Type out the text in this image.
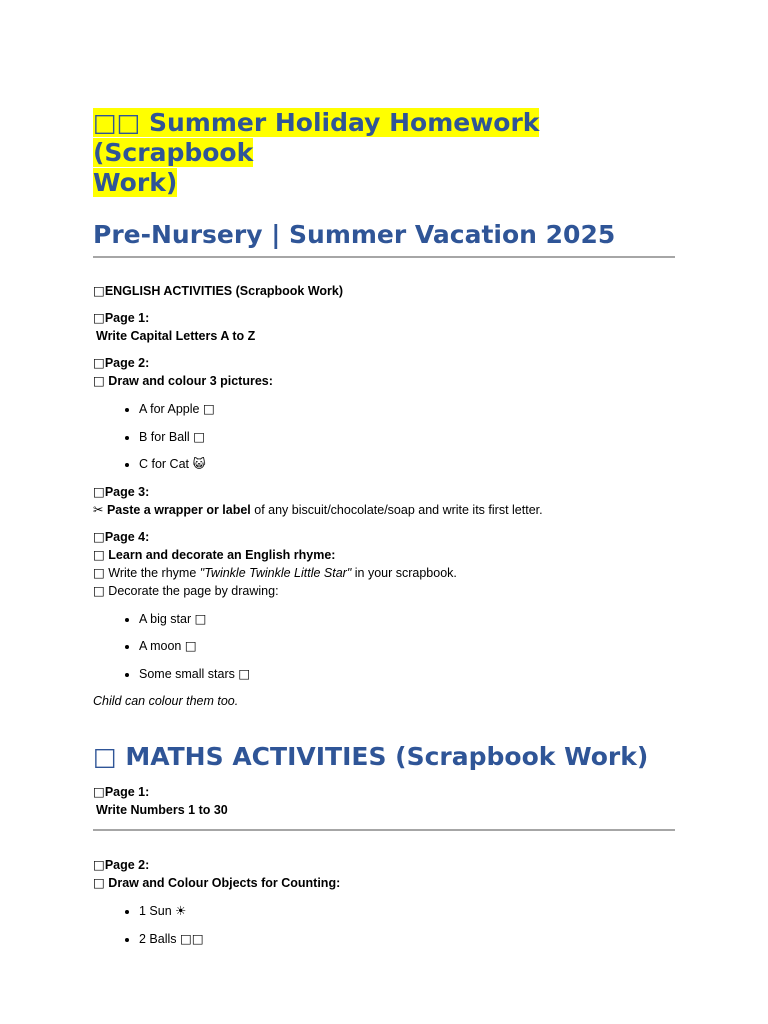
□□ Summer Holiday Homework (Scrapbook
Work)
Pre-Nursery | Summer Vacation 2025

□ENGLISH ACTIVITIES (Scrapbook Work)

□Page 1:

Write Capital Letters A to Z

□Page 2:

□ Draw and colour 3 pictures:

• A for Apple □
• B for Ball □
• C for Cat 😺

□Page 3:

✂ Paste a wrapper or label of any biscuit/chocolate/soap and write its first letter.

□Page 4:

□ Learn and decorate an English rhyme:

□ Write the rhyme "Twinkle Twinkle Little Star" in your scrapbook.

□ Decorate the page by drawing:

• A big star □
• A moon □
• Some small stars □

Child can colour them too.

□ MATHS ACTIVITIES (Scrapbook Work)

□Page 1:

Write Numbers 1 to 30

□Page 2:

□ Draw and Colour Objects for Counting:

• 1 Sun ☀
• 2 Balls □□
